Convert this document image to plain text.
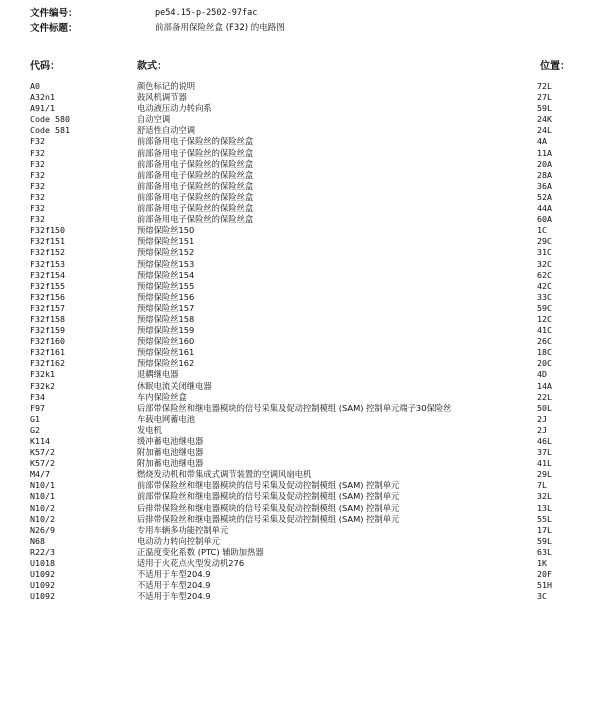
文件编号：	pe54.15-p-2502-97fac
文件标题：	前部备用保险丝盒 (F32) 的电路图
代码：	款式：	位置：
A0	颜色标记的说明	72L
A32n1	鼓风机调节器	27L
A91/1	电动液压动力转向系	59L
Code 580	自动空调	24K
Code 581	舒适性自动空调	24L
F32	前部备用电子保险丝的保险丝盒	4A
F32	前部备用电子保险丝的保险丝盒	11A
F32	前部备用电子保险丝的保险丝盒	20A
F32	前部备用电子保险丝的保险丝盒	28A
F32	前部备用电子保险丝的保险丝盒	36A
F32	前部备用电子保险丝的保险丝盒	52A
F32	前部备用电子保险丝的保险丝盒	44A
F32	前部备用电子保险丝的保险丝盒	60A
F32f150	预熔保险丝150	1C
F32f151	预熔保险丝151	29C
F32f152	预熔保险丝152	31C
F32f153	预熔保险丝153	32C
F32f154	预熔保险丝154	62C
F32f155	预熔保险丝155	42C
F32f156	预熔保险丝156	33C
F32f157	预熔保险丝157	59C
F32f158	预熔保险丝158	12C
F32f159	预熔保险丝159	41C
F32f160	预熔保险丝160	26C
F32f161	预熔保险丝161	18C
F32f162	预熔保险丝162	20C
F32k1	退耦继电器	4D
F32k2	休眠电流关闭继电器	14A
F34	车内保险丝盒	22L
F97	后部带保险丝和继电器模块的信号采集及促动控制模组 (SAM) 控制单元端子30保险丝	50L
G1	车载电网蓄电池	2J
G2	发电机	2J
K114	缓冲蓄电池继电器	46L
K57/2	附加蓄电池继电器	37L
K57/2	附加蓄电池继电器	41L
M4/7	燃烧发动机和带集成式调节装置的空调风扇电机	29L
N10/1	前部带保险丝和继电器模块的信号采集及促动控制模组 (SAM) 控制单元	7L
N10/1	前部带保险丝和继电器模块的信号采集及促动控制模组 (SAM) 控制单元	32L
N10/2	后排带保险丝和继电器模块的信号采集及促动控制模组 (SAM) 控制单元	13L
N10/2	后排带保险丝和继电器模块的信号采集及促动控制模组 (SAM) 控制单元	55L
N26/9	专用车辆多功能控制单元	17L
N68	电动动力转向控制单元	59L
R22/3	正温度变化系数 (PTC) 辅助加热器	63L
U1018	适用于火花点火型发动机276	1K
U1092	不适用于车型204.9	20F
U1092	不适用于车型204.9	51H
U1092	不适用于车型204.9	3C
